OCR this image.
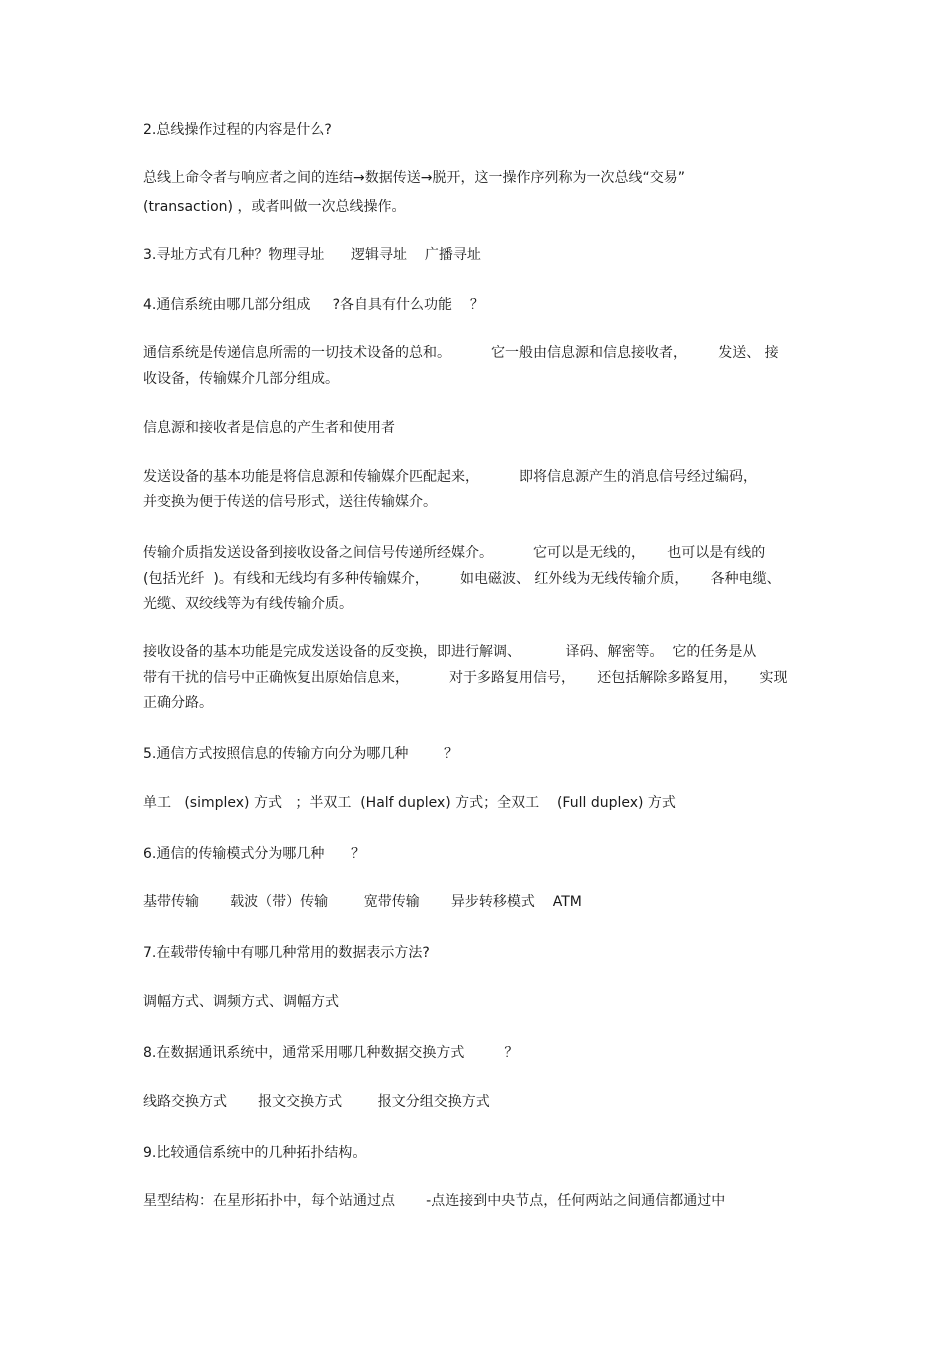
2.总线操作过程的内容是什么?

总线上命令者与响应者之间的连结→数据传送→脱开，这一操作序列称为一次总线“交易”

(transaction) ，或者叫做一次总线操作。

3.寻址方式有几种？物理寻址      逻辑寻址    广播寻址

4.通信系统由哪几部分组成     ?各自具有什么功能    ？

通信系统是传递信息所需的一切技术设备的总和。         它一般由信息源和信息接收者，       发送、 接

收设备，传输媒介几部分组成。

信息源和接收者是信息的产生者和使用者

发送设备的基本功能是将信息源和传输媒介匹配起来，         即将信息源产生的消息信号经过编码，

并变换为便于传送的信号形式，送往传输媒介。

传输介质指发送设备到接收设备之间信号传递所经媒介。         它可以是无线的，     也可以是有线的

(包括光纤  )。有线和无线均有多种传输媒介，       如电磁波、 红外线为无线传输介质，     各种电缆、

光缆、双绞线等为有线传输介质。

接收设备的基本功能是完成发送设备的反变换，即进行解调、          译码、解密等。  它的任务是从

带有干扰的信号中正确恢复出原始信息来，         对于多路复用信号，     还包括解除多路复用，     实现

正确分路。

5.通信方式按照信息的传输方向分为哪几种        ？

单工   (simplex) 方式   ；半双工  (Half duplex) 方式；全双工    (Full duplex) 方式

6.通信的传输模式分为哪几种      ？

基带传输       载波（带）传输        宽带传输       异步转移模式    ATM

7.在载带传输中有哪几种常用的数据表示方法?

调幅方式、调频方式、调幅方式

8.在数据通讯系统中，通常采用哪几种数据交换方式         ？

线路交换方式       报文交换方式        报文分组交换方式

9.比较通信系统中的几种拓扑结构。

星型结构：在星形拓扑中，每个站通过点       -点连接到中央节点，任何两站之间通信都通过中
